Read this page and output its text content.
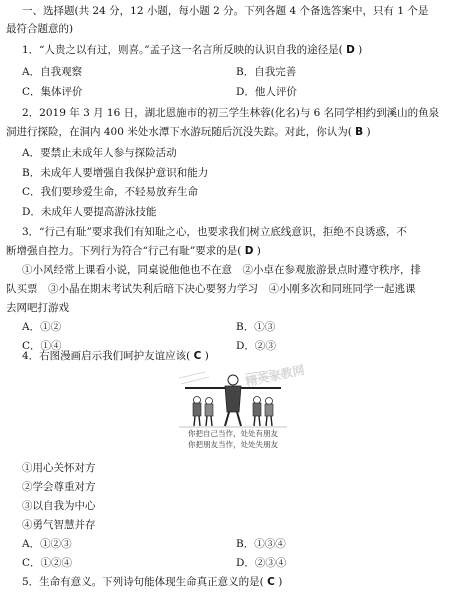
一、选择题(共 24 分，12 小题，每小题 2 分。下列各题 4 个备选答案中，只有 1 个是
最符合题意的)
1．“人贵之以有过，则喜。”孟子这一名言所反映的认识自我的途径是( D )
A．自我观察	B．自我完善
C．集体评价	D．他人评价
2．2019 年 3 月 16 日，湖北恩施市的初三学生林蓉(化名)与 6 名同学相约到溪山的鱼泉
洞进行探险，在洞内 400 米处水潭下水游玩随后沉没失踪。对此，你认为( B )
A．要禁止未成年人参与探险活动
B．未成年人要增强自我保护意识和能力
C．我们要珍爱生命，不轻易放弃生命
D．未成年人要提高游泳技能
3．“行己有耻”要求我们有知耻之心，也要求我们树立底线意识，拒绝不良诱惑，不
断增强自控力。下列行为符合“行己有耻”要求的是( D )
①小风经常上课看小说，同桌说他他也不在意　②小卓在参观旅游景点时遵守秩序，排
队买票　③小晶在期末考试失利后暗下决心要努力学习　④小刚多次和同班同学一起逃课
去网吧打游戏
A．①②	B．①③
C．①④	D．②③
4．右图漫画启示我们呵护友谊应该( C )
你把自己当作，处处有朋友
你把朋友当作，处处失朋友
精英家教网
①用心关怀对方
②学会尊重对方
③以自我为中心
④勇气智慧并存
A．①②③	B．①③④
C．①②④	D．②③④
5．生命有意义。下列诗句能体现生命真正意义的是( C )
